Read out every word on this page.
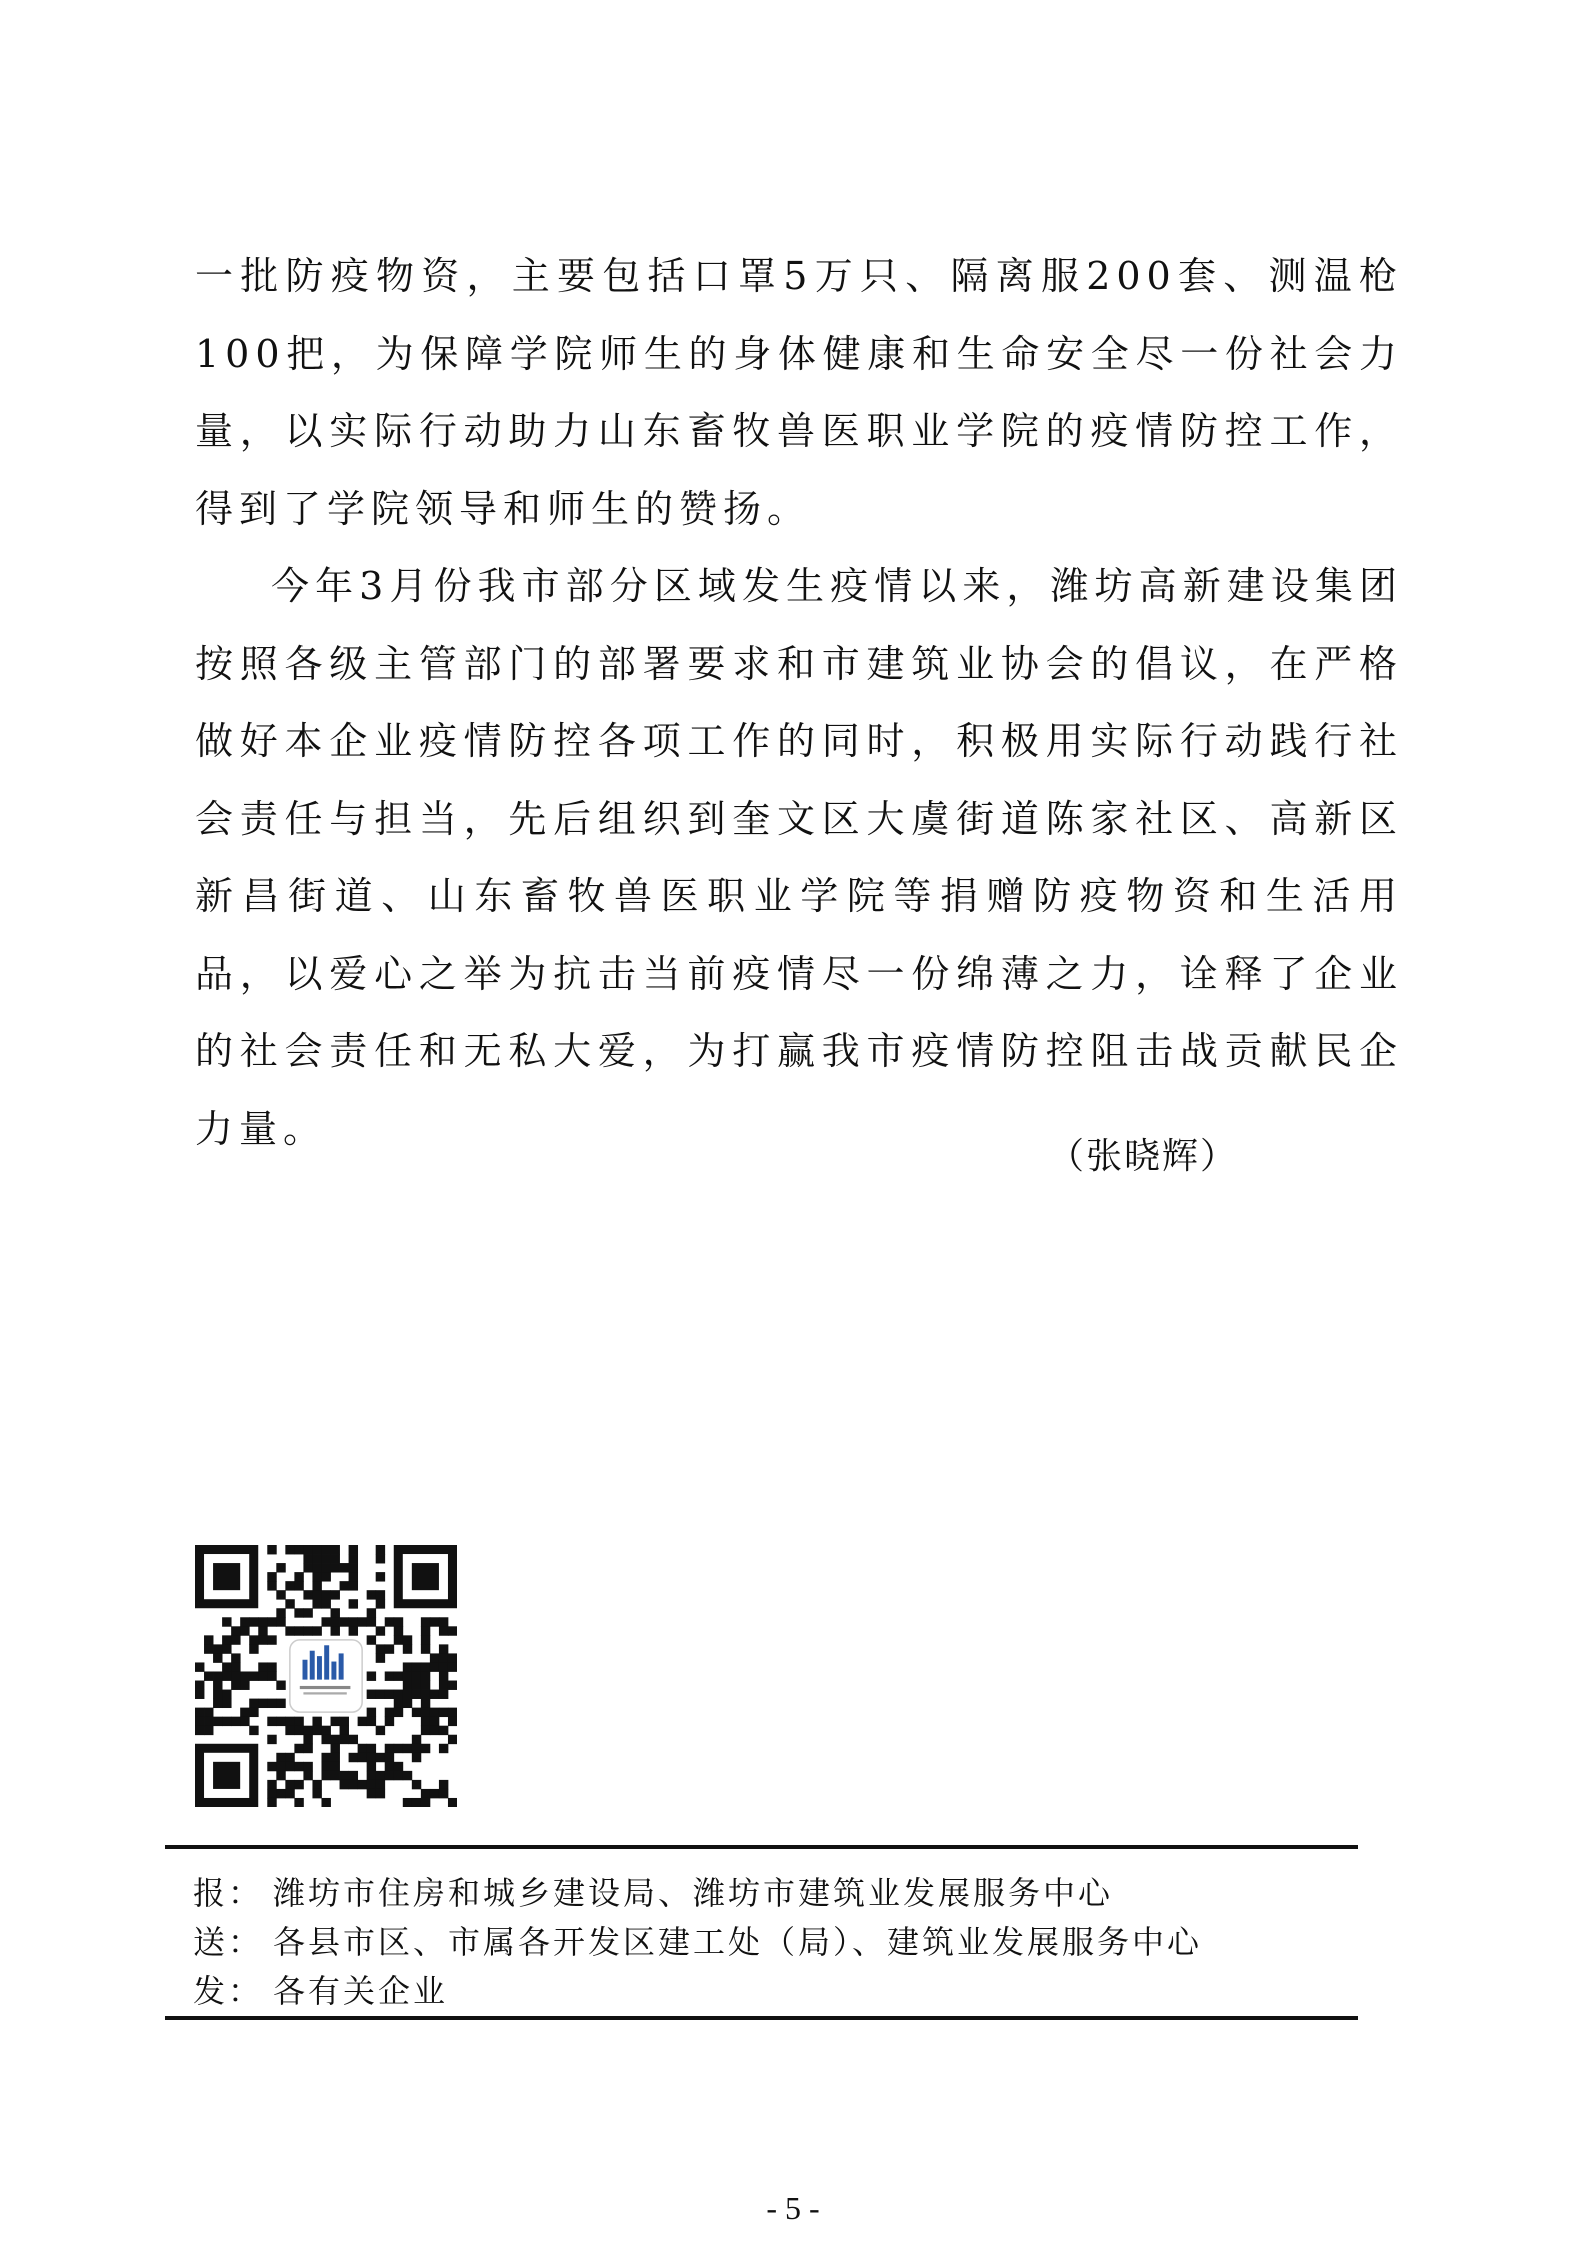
一批防疫物资，主要包括口罩5万只、隔离服200套、测温枪100把，为保障学院师生的身体健康和生命安全尽一份社会力量，以实际行动助力山东畜牧兽医职业学院的疫情防控工作，得到了学院领导和师生的赞扬。

今年3月份我市部分区域发生疫情以来，潍坊高新建设集团按照各级主管部门的部署要求和市建筑业协会的倡议，在严格做好本企业疫情防控各项工作的同时，积极用实际行动践行社会责任与担当，先后组织到奎文区大虞街道陈家社区、高新区新昌街道、山东畜牧兽医职业学院等捐赠防疫物资和生活用品，以爱心之举为抗击当前疫情尽一份绵薄之力，诠释了企业的社会责任和无私大爱，为打赢我市疫情防控阻击战贡献民企力量。

（张晓辉）
报： 潍坊市住房和城乡建设局、潍坊市建筑业发展服务中心
送： 各县市区、市属各开发区建工处（局）、建筑业发展服务中心
发： 各有关企业
- 5 -
